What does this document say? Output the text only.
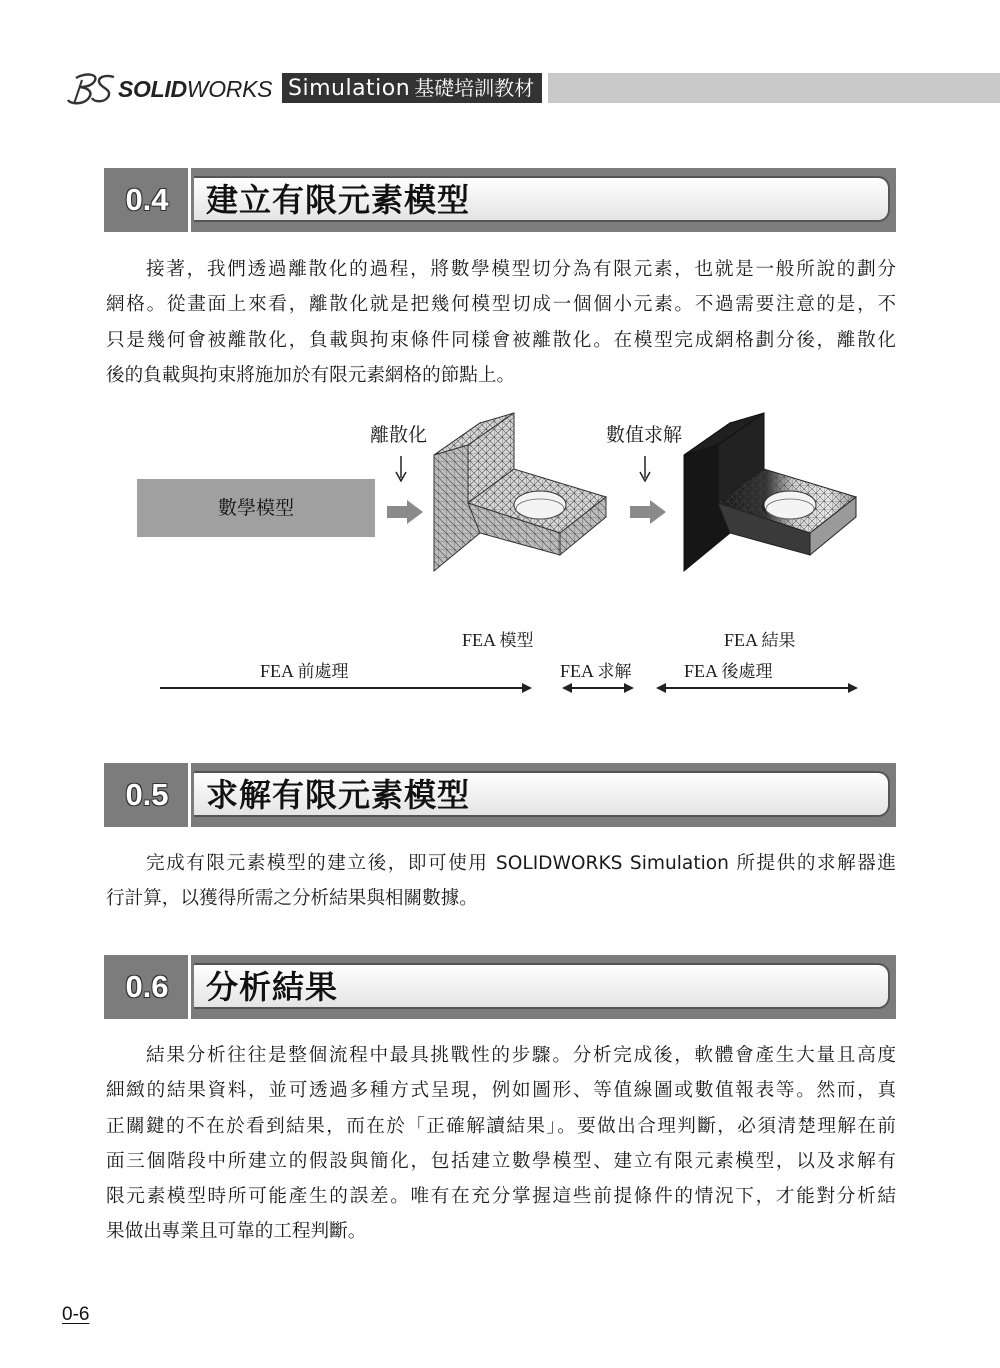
SOLIDWORKS Simulation 基礎培訓教材
0.4	建立有限元素模型
接著，我們透過離散化的過程，將數學模型切分為有限元素，也就是一般所說的劃分
網格。從畫面上來看，離散化就是把幾何模型切成一個個小元素。不過需要注意的是，不
只是幾何會被離散化，負載與拘束條件同樣會被離散化。在模型完成網格劃分後，離散化
後的負載與拘束將施加於有限元素網格的節點上。
離散化	數值求解
數學模型
FEA 模型	FEA 結果
FEA 前處理	FEA 求解	FEA 後處理
0.5	求解有限元素模型
完成有限元素模型的建立後，即可使用 SOLIDWORKS Simulation 所提供的求解器進
行計算，以獲得所需之分析結果與相關數據。
0.6	分析結果
結果分析往往是整個流程中最具挑戰性的步驟。分析完成後，軟體會產生大量且高度
細緻的結果資料，並可透過多種方式呈現，例如圖形、等值線圖或數值報表等。然而，真
正關鍵的不在於看到結果，而在於「正確解讀結果」。要做出合理判斷，必須清楚理解在前
面三個階段中所建立的假設與簡化，包括建立數學模型、建立有限元素模型，以及求解有
限元素模型時所可能產生的誤差。唯有在充分掌握這些前提條件的情況下，才能對分析結
果做出專業且可靠的工程判斷。
0-6
